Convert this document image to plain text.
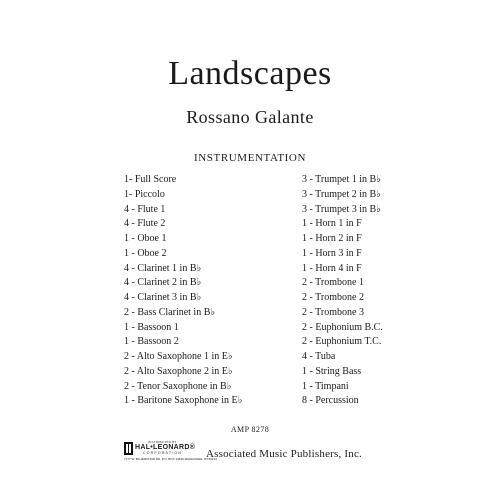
Landscapes
Rossano Galante
INSTRUMENTATION
1- Full Score
1- Piccolo
4 - Flute 1
4 - Flute 2
1 - Oboe 1
1 - Oboe 2
4 - Clarinet 1 in B♭
4 - Clarinet 2 in B♭
4 - Clarinet 3 in B♭
2 - Bass Clarinet in B♭
1 - Bassoon 1
1 - Bassoon 2
2 - Alto Saxophone 1 in E♭
2 - Alto Saxophone 2 in E♭
2 - Tenor Saxophone in B♭
1 - Baritone Saxophone in E♭
3 - Trumpet 1 in B♭
3 - Trumpet 2 in B♭
3 - Trumpet 3 in B♭
1 - Horn 1 in F
1 - Horn 2 in F
1 - Horn 3 in F
1 - Horn 4 in F
2 - Trombone 1
2 - Trombone 2
2 - Trombone 3
2 - Euphonium B.C.
2 - Euphonium T.C.
4 - Tuba
1 - String Bass
1 - Timpani
8 - Percussion
AMP 8278
DISTRIBUTED BY
HAL•LEONARD®
CORPORATION
7777 W. BLUEMOUND RD. P.O. BOX 13819 MILWAUKEE, WI 53213
Associated Music Publishers, Inc.
